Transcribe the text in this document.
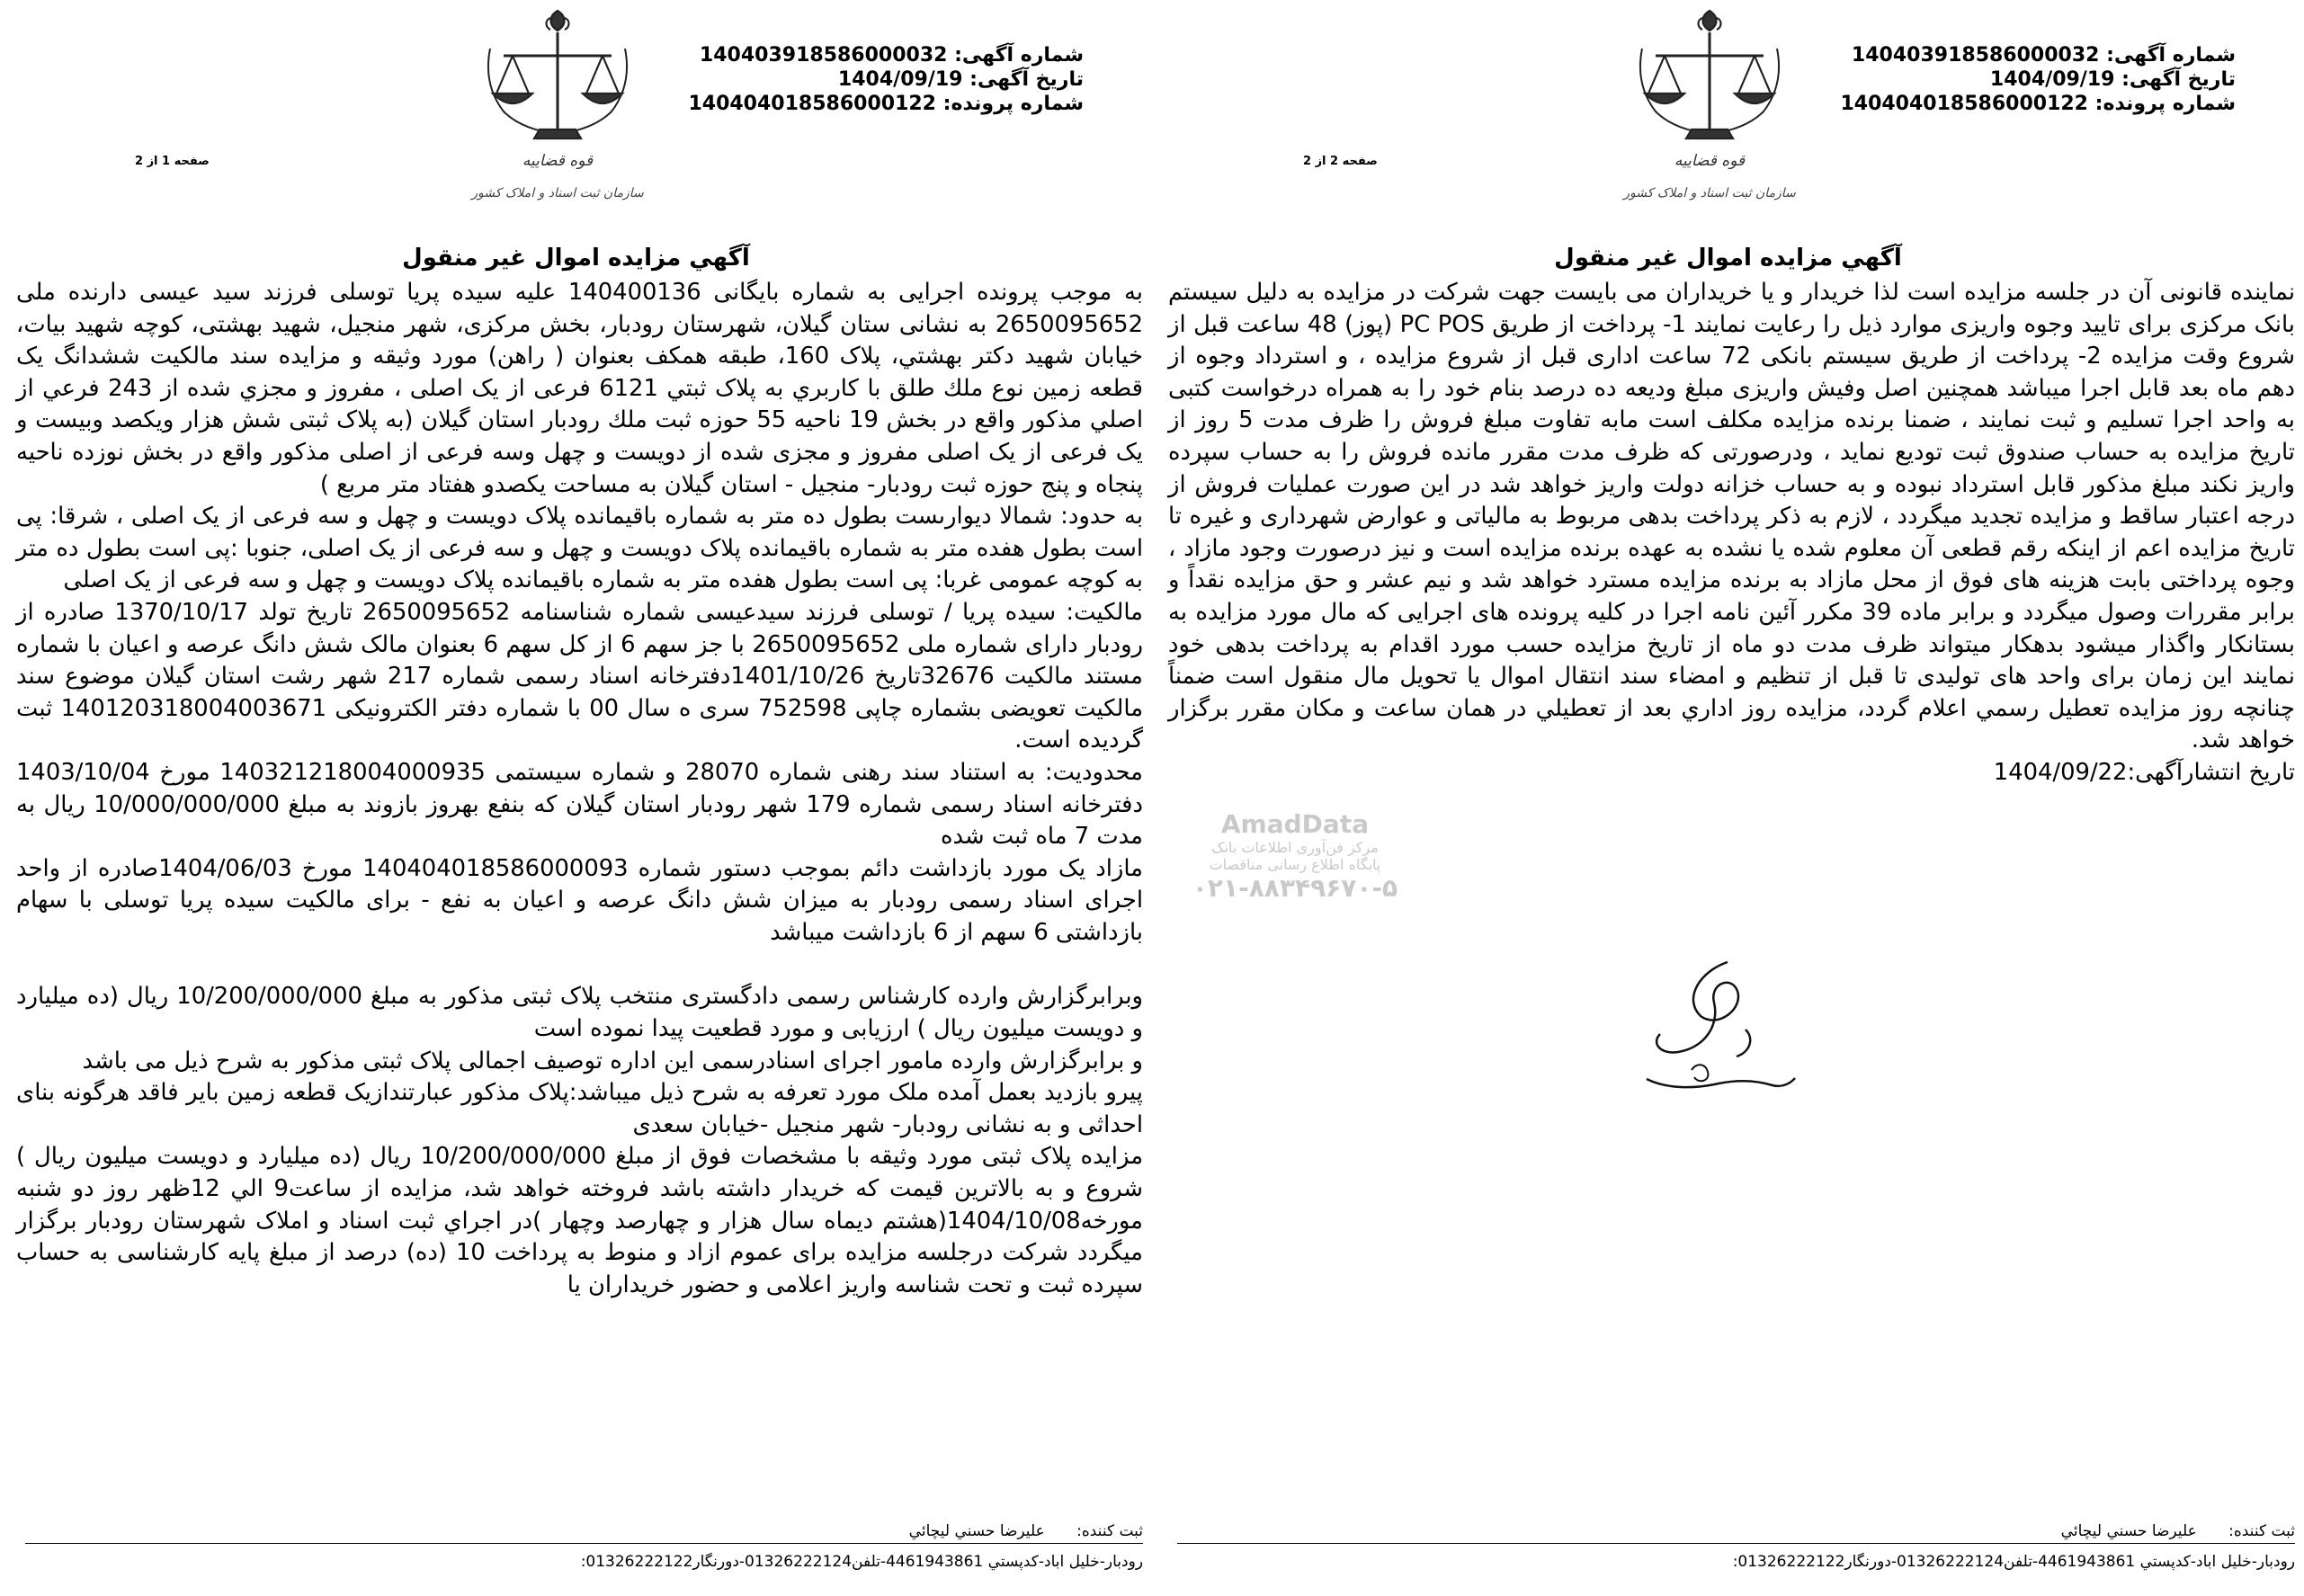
شماره آگهی: 140403918586000032
تاریخ آگهی: 1404/09/19
شماره پرونده: 140404018586000122
قوه قضاییه
سازمان ثبت اسناد و املاک کشور
صفحه 1 از 2
آگهي مزايده اموال غير منقول

به موجب پرونده اجرایی به شماره بایگانی 140400136 علیه سیده پریا توسلی فرزند سید عیسی دارنده ملی 2650095652 به نشانی ستان گیلان، شهرستان رودبار، بخش مرکزی، شهر منجیل، شهید بهشتی، کوچه شهید بیات، خیابان شهید دکتر بهشتي، پلاک 160، طبقه همکف بعنوان ( راهن) مورد وثیقه و مزایده سند مالکیت ششدانگ یک قطعه زمین نوع ملك طلق با كاربري به پلاک ثبتي 6121 فرعی از یک اصلی ، مفروز و مجزي شده از 243 فرعي از اصلي مذكور واقع در بخش 19 ناحیه 55 حوزه ثبت ملك رودبار استان گيلان (به پلاک ثبتی شش هزار ویکصد وبیست و یک فرعی از یک اصلی مفروز و مجزی شده از دویست و چهل وسه فرعی از اصلی مذکور واقع در بخش نوزده ناحیه پنجاه و پنج حوزه ثبت رودبار- منجیل - استان گیلان به مساحت یکصدو هفتاد متر مربع )

به حدود: شمالا دیوارىست بطول ده متر به شماره باقیمانده پلاک دویست و چهل و سه فرعی از یک اصلی ، شرقا: پی است بطول هفده متر به شماره باقیمانده پلاک دویست و چهل و سه فرعی از یک اصلی، جنوبا :پی است بطول ده متر به کوچه عمومی غربا: پی است بطول هفده متر به شماره باقیمانده پلاک دویست و چهل و سه فرعی از یک اصلی

مالکیت: سیده پریا / توسلی فرزند سیدعیسی شماره شناسنامه 2650095652 تاریخ تولد 1370/10/17 صادره از رودبار دارای شماره ملی 2650095652 با جز سهم 6 از کل سهم 6 بعنوان مالک شش دانگ عرصه و اعیان با شماره مستند مالکیت 32676تاریخ 1401/10/26دفترخانه اسناد رسمی شماره 217 شهر رشت استان گیلان موضوع سند مالکیت تعویضی بشماره چاپی 752598 سری ه سال 00 با شماره دفتر الکترونیکی 140120318004003671 ثبت گردیده است.

محدودیت: به استناد سند رهنی شماره 28070 و شماره سیستمی 140321218004000935 مورخ 1403/10/04 دفترخانه اسناد رسمی شماره 179 شهر رودبار استان گیلان که بنفع بهروز بازوند به مبلغ 10/000/000/000 ریال به مدت 7 ماه ثبت شده

مازاد یک مورد بازداشت دائم بموجب دستور شماره 140404018586000093 مورخ 1404/06/03صادره از واحد اجرای اسناد رسمی رودبار به میزان شش دانگ عرصه و اعیان به نفع - برای مالکیت سیده پریا توسلی با سهام بازداشتی 6 سهم از 6 بازداشت میباشد

وبرابرگزارش وارده کارشناس رسمی دادگستری منتخب پلاک ثبتی مذکور به مبلغ 10/200/000/000 ریال (ده میلیارد و دویست میلیون ریال ) ارزیابی و مورد قطعیت پیدا نموده است

و برابرگزارش وارده مامور اجرای اسنادرسمی این اداره توصیف اجمالی پلاک ثبتی مذکور به شرح ذیل می باشد

پیرو بازدید بعمل آمده ملک مورد تعرفه به شرح ذیل میباشد:پلاک مذکور عبارتندازیک قطعه زمین بایر فاقد هرگونه بنای احداثی و به نشانی رودبار- شهر منجیل -خیابان سعدی

مزایده پلاک ثبتی مورد وثیقه با مشخصات فوق از مبلغ 10/200/000/000 ریال (ده میلیارد و دویست میلیون ریال ) شروع و به بالاترین قیمت که خریدار داشته باشد فروخته خواهد شد، مزایده از ساعت9 الي 12ظهر روز دو شنبه مورخه1404/10/08(هشتم دیماه سال هزار و چهارصد وچهار )در اجراي ثبت اسناد و املاک شهرستان رودبار برگزار میگردد شرکت درجلسه مزایده برای عموم ازاد و منوط به پرداخت 10 (ده) درصد از مبلغ پایه کارشناسی به حساب سپرده ثبت و تحت شناسه واریز اعلامی و حضور خریداران یا

ثبت کننده: عليرضا حسني ليچائي
رودبار-خليل اباد-كدپستي 4461943861-تلفن01326222124-دورنگار01326222122:
شماره آگهی: 140403918586000032
تاریخ آگهی: 1404/09/19
شماره پرونده: 140404018586000122
قوه قضاییه
سازمان ثبت اسناد و املاک کشور
صفحه 2 از 2
آگهي مزايده اموال غير منقول

نماینده قانونی آن در جلسه مزایده است لذا خریدار و یا خریداران می بایست جهت شرکت در مزایده به دلیل سیستم بانک مرکزی برای تایید وجوه واریزی موارد ذیل را رعایت نمایند 1- پرداخت از طریق PC POS (پوز) 48 ساعت قبل از شروع وقت مزایده 2- پرداخت از طریق سیستم بانکی 72 ساعت اداری قبل از شروع مزایده ، و استرداد وجوه از دهم ماه بعد قابل اجرا میباشد همچنین اصل وفیش واریزی مبلغ ودیعه ده درصد بنام خود را به همراه درخواست کتبی به واحد اجرا تسلیم و ثبت نمایند ، ضمنا برنده مزایده مکلف است مابه تفاوت مبلغ فروش را ظرف مدت 5 روز از تاریخ مزایده به حساب صندوق ثبت تودیع نماید ، ودرصورتی که ظرف مدت مقرر مانده فروش را به حساب سپرده واریز نکند مبلغ مذکور قابل استرداد نبوده و به حساب خزانه دولت واریز خواهد شد در این صورت عملیات فروش از درجه اعتبار ساقط و مزایده تجدید میگردد ، لازم به ذکر پرداخت بدهی مربوط به مالیاتی و عوارض شهرداری و غیره تا تاریخ مزایده اعم از اینکه رقم قطعی آن معلوم شده یا نشده به عهده برنده مزایده است و نیز درصورت وجود مازاد ، وجوه پرداختی بابت هزینه های فوق از محل مازاد به برنده مزایده مسترد خواهد شد و نیم عشر و حق مزایده نقداً و برابر مقررات وصول میگردد و برابر ماده 39 مکرر آئین نامه اجرا در کلیه پرونده های اجرایی که مال مورد مزایده به بستانکار واگذار میشود بدهکار میتواند ظرف مدت دو ماه از تاریخ مزایده حسب مورد اقدام به پرداخت بدهی خود نمایند این زمان برای واحد های تولیدی تا قبل از تنظیم و امضاء سند انتقال اموال یا تحویل مال منقول است ضمناً چنانچه روز مزایده تعطیل رسمي اعلام گردد، مزايده روز اداري بعد از تعطيلي در همان ساعت و مكان مقرر برگزار خواهد شد.

تاريخ انتشارآگهی:1404/09/22

ثبت کننده: عليرضا حسني ليچائي
رودبار-خليل اباد-كدپستي 4461943861-تلفن01326222124-دورنگار01326222122:
AmadData
مرکز فن‌آوری اطلاعات بانک
پایگاه اطلاع رسانی مناقصات
۰۲۱-۸۸۳۴۹۶۷۰-۵
